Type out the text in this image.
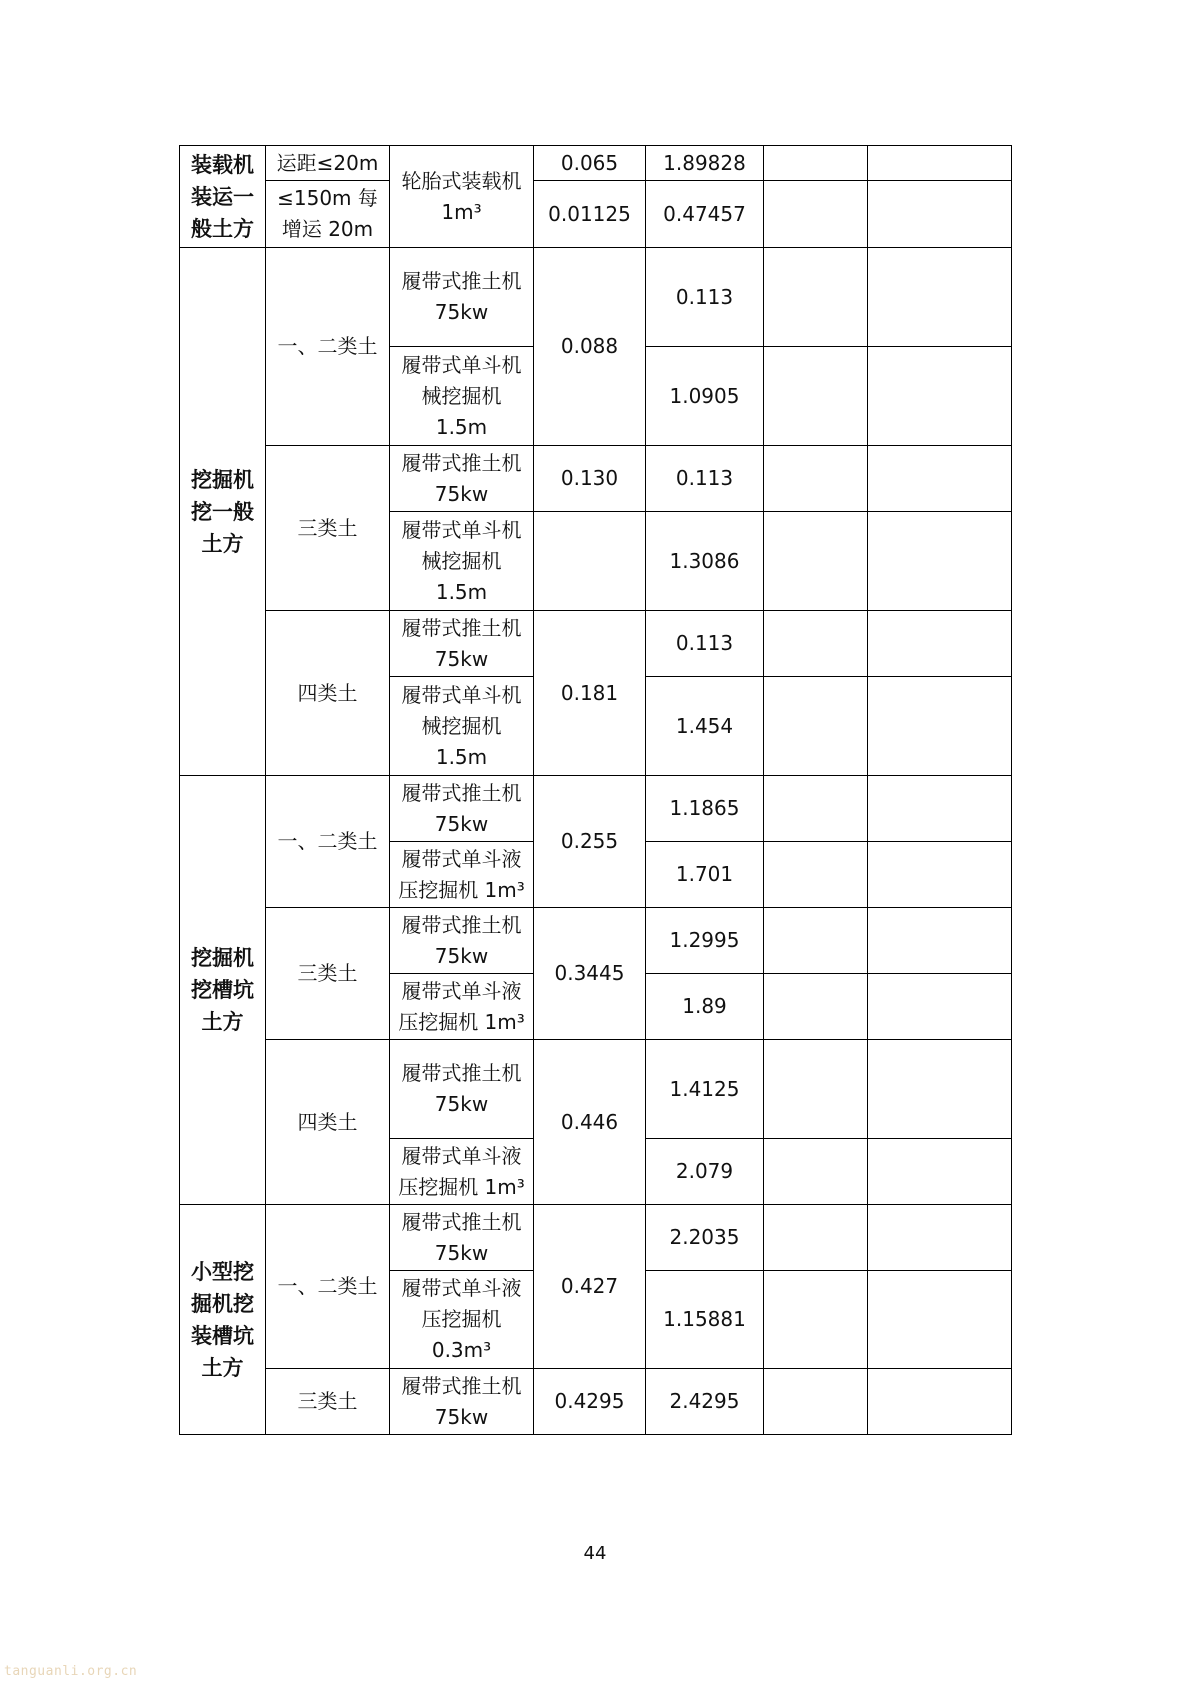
装载机装运一般土方	运距≤20m	轮胎式装载机 1m³	0.065	1.89828		
	≤150m 每增运 20m		0.01125	0.47457		
挖掘机挖一般土方	一、二类土	履带式推土机 75kw	0.088	0.113		
		履带式单斗机械挖掘机 1.5m		1.0905		
	三类土	履带式推土机 75kw	0.130	0.113		
		履带式单斗机械挖掘机 1.5m		1.3086		
	四类土	履带式推土机 75kw	0.181	0.113		
		履带式单斗机械挖掘机 1.5m		1.454		
挖掘机挖槽坑土方	一、二类土	履带式推土机 75kw	0.255	1.1865		
		履带式单斗液压挖掘机 1m³		1.701		
	三类土	履带式推土机 75kw	0.3445	1.2995		
		履带式单斗液压挖掘机 1m³		1.89		
	四类土	履带式推土机 75kw	0.446	1.4125		
		履带式单斗液压挖掘机 1m³		2.079		
小型挖掘机挖装槽坑土方	一、二类土	履带式推土机 75kw	0.427	2.2035		
		履带式单斗液压挖掘机 0.3m³		1.15881		
	三类土	履带式推土机 75kw	0.4295	2.4295		
44
tanguanli.org.cn
